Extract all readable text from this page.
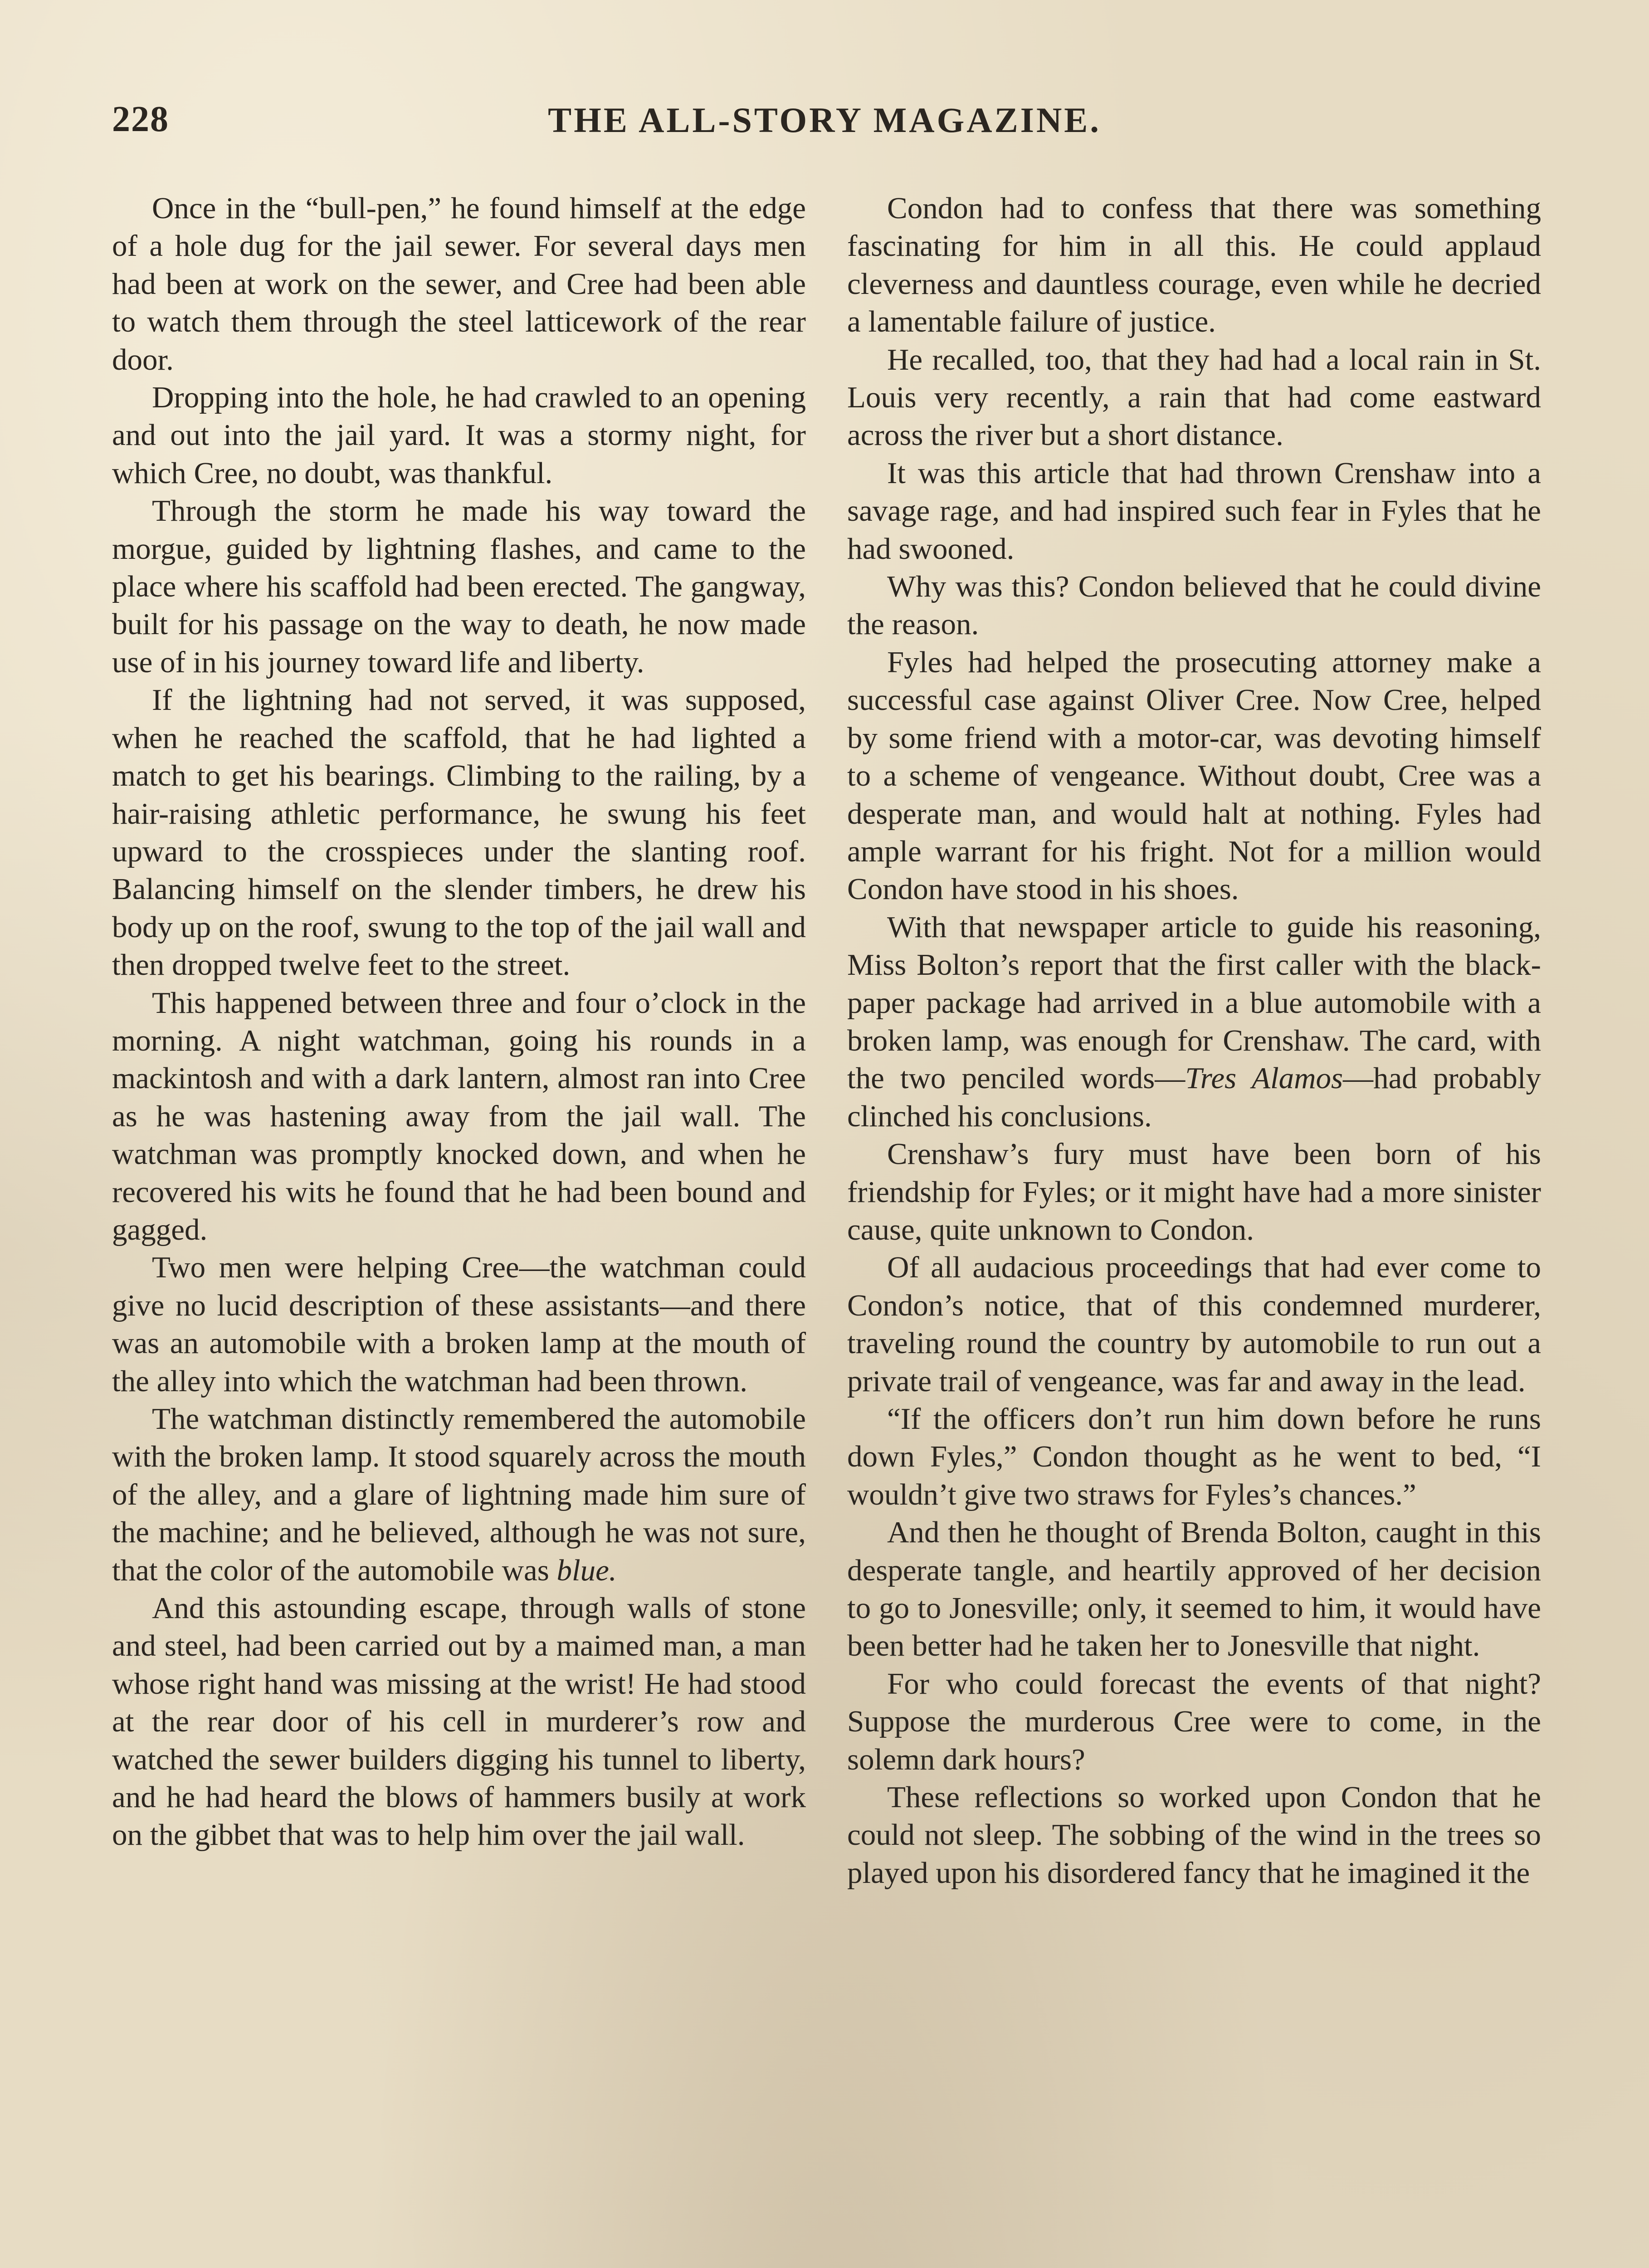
228	THE ALL-STORY MAGAZINE.

Once in the “bull-pen,” he found himself at the edge of a hole dug for the jail sewer. For several days men had been at work on the sewer, and Cree had been able to watch them through the steel latticework of the rear door.

Dropping into the hole, he had crawled to an opening and out into the jail yard. It was a stormy night, for which Cree, no doubt, was thankful.

Through the storm he made his way toward the morgue, guided by lightning flashes, and came to the place where his scaffold had been erected. The gangway, built for his passage on the way to death, he now made use of in his journey toward life and liberty.

If the lightning had not served, it was supposed, when he reached the scaffold, that he had lighted a match to get his bearings. Climbing to the railing, by a hair-raising athletic performance, he swung his feet upward to the crosspieces under the slanting roof. Balancing himself on the slender timbers, he drew his body up on the roof, swung to the top of the jail wall and then dropped twelve feet to the street.

This happened between three and four o’clock in the morning. A night watchman, going his rounds in a mackintosh and with a dark lantern, almost ran into Cree as he was hastening away from the jail wall. The watchman was promptly knocked down, and when he recovered his wits he found that he had been bound and gagged.

Two men were helping Cree—the watchman could give no lucid description of these assistants—and there was an automobile with a broken lamp at the mouth of the alley into which the watchman had been thrown.

The watchman distinctly remembered the automobile with the broken lamp. It stood squarely across the mouth of the alley, and a glare of lightning made him sure of the machine; and he believed, although he was not sure, that the color of the automobile was blue.

And this astounding escape, through walls of stone and steel, had been carried out by a maimed man, a man whose right hand was missing at the wrist! He had stood at the rear door of his cell in murderer’s row and watched the sewer builders digging his tunnel to liberty, and he had heard the blows of hammers busily at work on the gibbet that was to help him over the jail wall.

Condon had to confess that there was something fascinating for him in all this. He could applaud cleverness and dauntless courage, even while he decried a lamentable failure of justice.

He recalled, too, that they had had a local rain in St. Louis very recently, a rain that had come eastward across the river but a short distance.

It was this article that had thrown Crenshaw into a savage rage, and had inspired such fear in Fyles that he had swooned.

Why was this? Condon believed that he could divine the reason.

Fyles had helped the prosecuting attorney make a successful case against Oliver Cree. Now Cree, helped by some friend with a motor-car, was devoting himself to a scheme of vengeance. Without doubt, Cree was a desperate man, and would halt at nothing. Fyles had ample warrant for his fright. Not for a million would Condon have stood in his shoes.

With that newspaper article to guide his reasoning, Miss Bolton’s report that the first caller with the black-paper package had arrived in a blue automobile with a broken lamp, was enough for Crenshaw. The card, with the two penciled words—Tres Alamos—had probably clinched his conclusions.

Crenshaw’s fury must have been born of his friendship for Fyles; or it might have had a more sinister cause, quite unknown to Condon.

Of all audacious proceedings that had ever come to Condon’s notice, that of this condemned murderer, traveling round the country by automobile to run out a private trail of vengeance, was far and away in the lead.

“If the officers don’t run him down before he runs down Fyles,” Condon thought as he went to bed, “I wouldn’t give two straws for Fyles’s chances.”

And then he thought of Brenda Bolton, caught in this desperate tangle, and heartily approved of her decision to go to Jonesville; only, it seemed to him, it would have been better had he taken her to Jonesville that night.

For who could forecast the events of that night? Suppose the murderous Cree were to come, in the solemn dark hours?

These reflections so worked upon Condon that he could not sleep. The sobbing of the wind in the trees so played upon his disordered fancy that he imagined it the
